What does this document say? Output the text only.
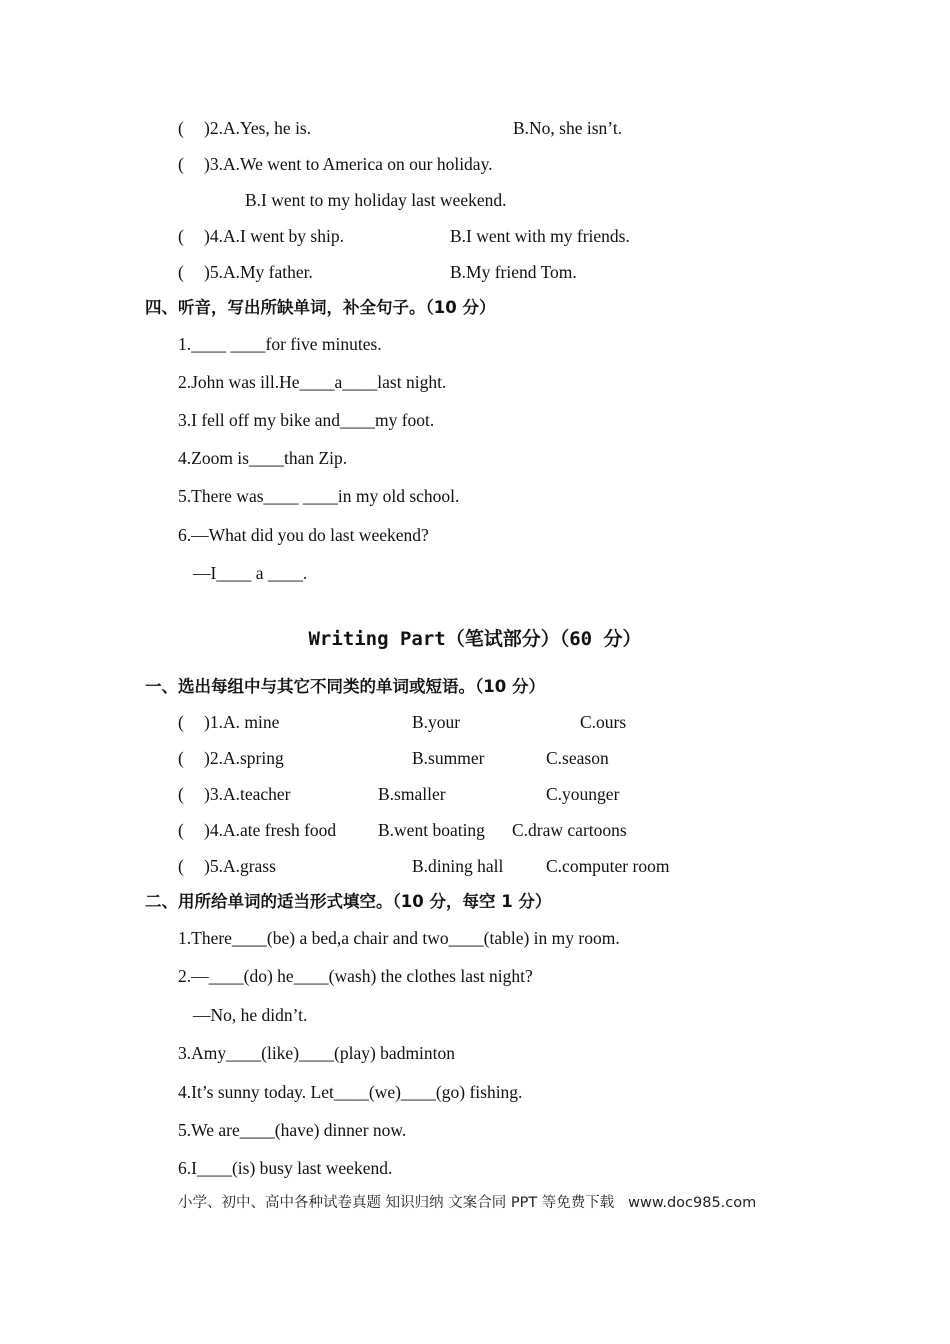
( )2.A.Yes, he is.	B.No, she isn’t.
( )3.A.We went to America on our holiday.
B.I went to my holiday last weekend.
( )4.A.I went by ship.	B.I went with my friends.
( )5.A.My father.	B.My friend Tom.
四、听音，写出所缺单词，补全句子。（10 分）
1.____ ____for five minutes.
2.John was ill.He____a____last night.
3.I fell off my bike and____my foot.
4.Zoom is____than Zip.
5.There was____ ____in my old school.
6.—What did you do last weekend?
—I____ a ____.
Writing Part（笔试部分）（60 分）
一、选出每组中与其它不同类的单词或短语。（10 分）
( )1.A. mine	B.your	C.ours
( )2.A.spring	B.summer	C.season
( )3.A.teacher	B.smaller	C.younger
( )4.A.ate fresh food B.went boating C.draw cartoons
( )5.A.grass	B.dining hall C.computer room
二、用所给单词的适当形式填空。（10 分，每空 1 分）
1.There____(be) a bed,a chair and two____(table) in my room.
2.—____(do) he____(wash) the clothes last night?
—No, he didn’t.
3.Amy____(like)____(play) badminton
4.It’s sunny today. Let____(we)____(go) fishing.
5.We are____(have) dinner now.
6.I____(is) busy last weekend.
小学、初中、高中各种试卷真题 知识归纳 文案合同 PPT 等免费下载   www.doc985.com
